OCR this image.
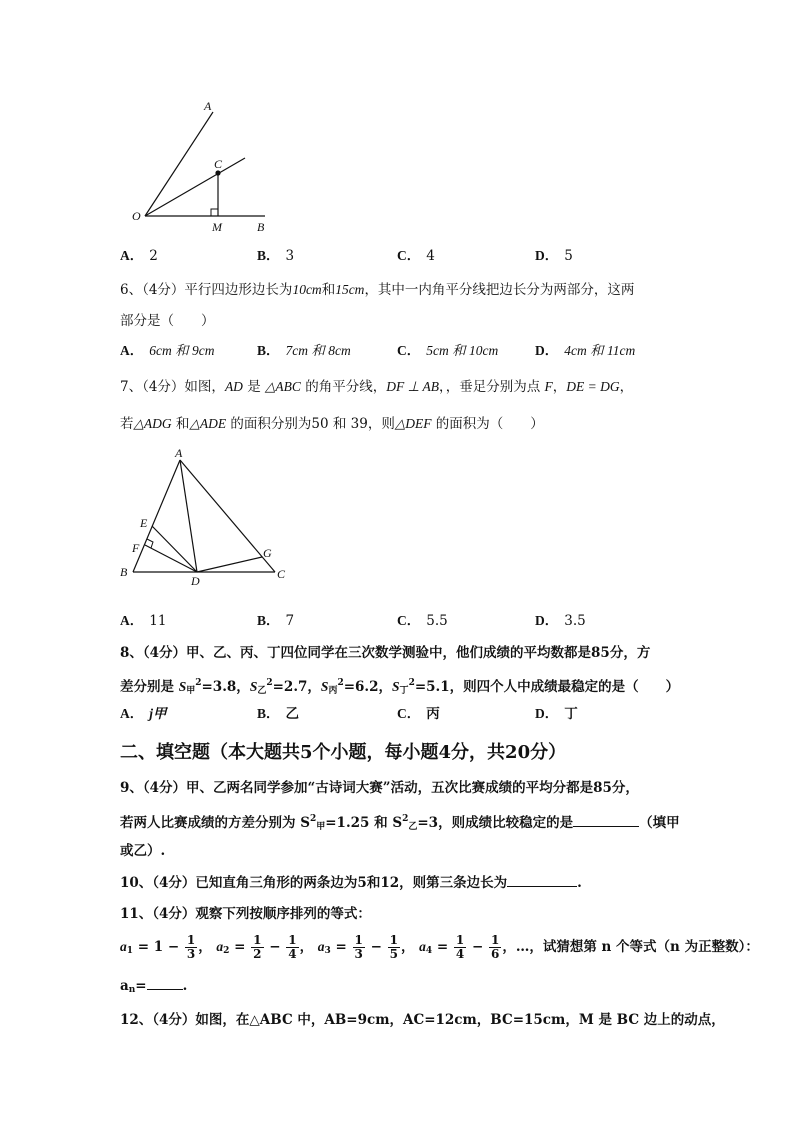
A
C
O
M	B
A． 2	B． 3	C． 4	D． 5
6、（4分）平行四边形边长为10cm和15cm，其中一内角平分线把边长分为两部分，这两
部分是（　　）
A． 6cm 和 9cm	B． 7cm 和 8cm	C． 5cm 和 10cm	D． 4cm 和 11cm
7、（4分）如图，AD 是 △ABC 的角平分线，DF ⊥ AB，，垂足分别为点 F，DE = DG，
若△ADG 和△ADE 的面积分别为50 和 39，则△DEF 的面积为（　　）
A
E
F
B
D
G
C
A． 11	B． 7	C． 5.5	D． 3.5
8、（4分）甲、乙、丙、丁四位同学在三次数学测验中，他们成绩的平均数都是85分，方
差分别是 $S_甲^2=3.8$，$S_乙^2=2.7$，$S_丙^2=6.2$，$S_丁^2=5.1$，则四个人中成绩最稳定的是（　　）
A． j甲	B． 乙	C． 丙	D． 丁
二、填空题（本大题共5个小题，每小题4分，共20分）
9、（4分）甲、乙两名同学参加“古诗词大赛”活动，五次比赛成绩的平均分都是85分，
若两人比赛成绩的方差分别为 $S^2_甲=1.25$ 和 $S^2_乙=3$，则成绩比较稳定的是	（填甲
或乙）.
10、（4分）已知直角三角形的两条边为5和12，则第三条边长为	.
11、（4分）观察下列按顺序排列的等式：
$a_1 = 1 - \frac{1}{3}$ ， $a_2 = \frac{1}{2} - \frac{1}{4}$ ， $a_3 = \frac{1}{3} - \frac{1}{5}$ ， $a_4 = \frac{1}{4} - \frac{1}{6}$ ，…，试猜想第 n 个等式（n 为正整数）：
$a_n=$	.
12、（4分）如图，在△ABC 中，AB=9cm，AC=12cm，BC=15cm，M 是 BC 边上的动点，
